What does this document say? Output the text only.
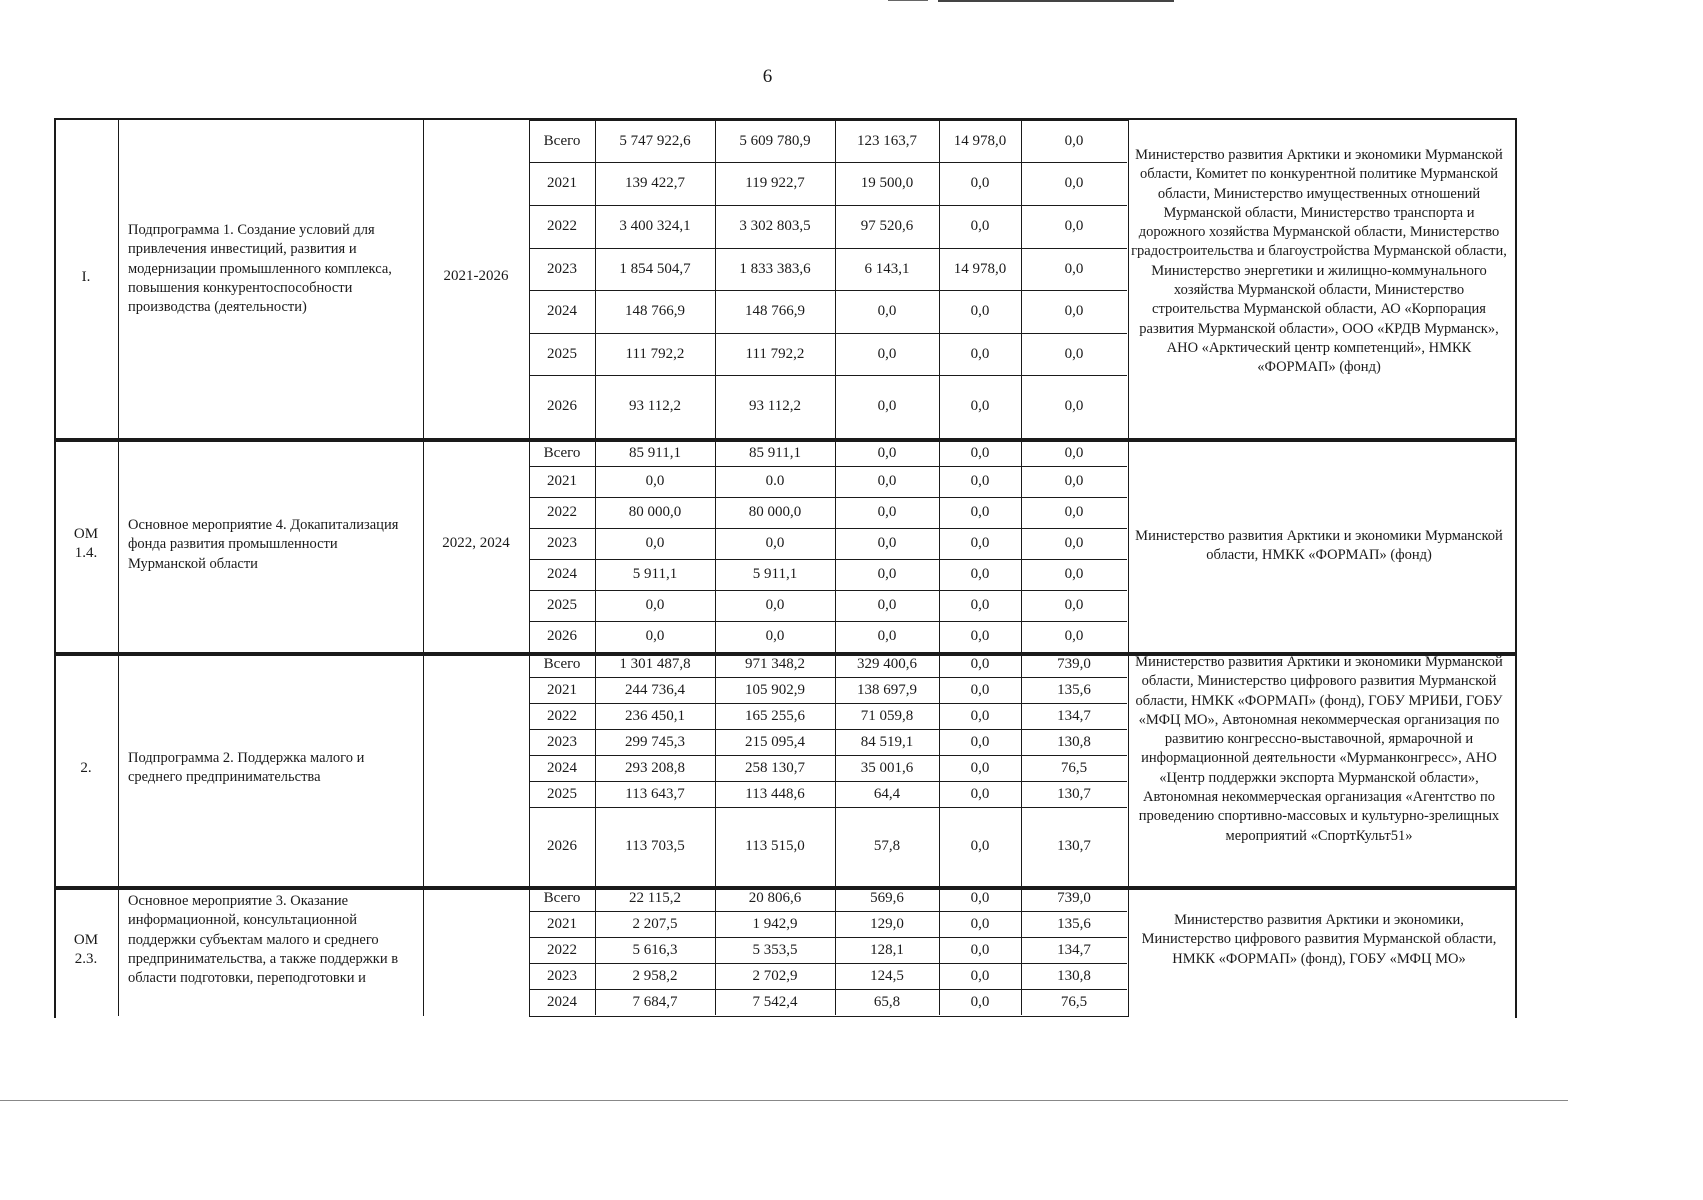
6
Всего	5 747 922,6	5 609 780,9	123 163,7	14 978,0	0,0
2021	139 422,7	119 922,7	19 500,0	0,0	0,0
2022	3 400 324,1	3 302 803,5	97 520,6	0,0	0,0
2023	1 854 504,7	1 833 383,6	6 143,1	14 978,0	0,0
2024	148 766,9	148 766,9	0,0	0,0	0,0
2025	111 792,2	111 792,2	0,0	0,0	0,0
2026	93 112,2	93 112,2	0,0	0,0	0,0
I.
Подпрограмма 1. Создание условий для привлечения инвестиций, развития и модернизации промышленного комплекса, повышения конкурентоспособности производства (деятельности)
2021-2026
Министерство развития Арктики и экономики Мурманской области, Комитет по конкурентной политике Мурманской области, Министерство имущественных отношений Мурманской области, Министерство транспорта и дорожного хозяйства Мурманской области, Министерство градостроительства и благоустройства Мурманской области, Министерство энергетики и жилищно-коммунального хозяйства Мурманской области, Министерство строительства Мурманской области, АО «Корпорация развития Мурманской области», ООО «КРДВ Мурманск», АНО «Арктический центр компетенций», НМКК «ФОРМАП» (фонд)
Всего	85 911,1	85 911,1	0,0	0,0	0,0
2021	0,0	0.0	0,0	0,0	0,0
2022	80 000,0	80 000,0	0,0	0,0	0,0
2023	0,0	0,0	0,0	0,0	0,0
2024	5 911,1	5 911,1	0,0	0,0	0,0
2025	0,0	0,0	0,0	0,0	0,0
2026	0,0	0,0	0,0	0,0	0,0
ОМ 1.4.
Основное мероприятие 4. Докапитализация фонда развития промышленности Мурманской области
2022, 2024	Министерство развития Арктики и экономики Мурманской области, НМКК «ФОРМАП» (фонд)
Всего	1 301 487,8	971 348,2	329 400,6	0,0	739,0
2021	244 736,4	105 902,9	138 697,9	0,0	135,6
2022	236 450,1	165 255,6	71 059,8	0,0	134,7
2023	299 745,3	215 095,4	84 519,1	0,0	130,8
2024	293 208,8	258 130,7	35 001,6	0,0	76,5
2025	113 643,7	113 448,6	64,4	0,0	130,7
2026	113 703,5	113 515,0	57,8	0,0	130,7
2.
Подпрограмма 2. Поддержка малого и среднего предпринимательства
Министерство развития Арктики и экономики Мурманской области, Министерство цифрового развития Мурманской области, НМКК «ФОРМАП» (фонд), ГОБУ МРИБИ, ГОБУ «МФЦ МО», Автономная некоммерческая организация по развитию конгрессно-выставочной, ярмарочной и информационной деятельности «Мурманконгресс», АНО «Центр поддержки экспорта Мурманской области», Автономная некоммерческая организация «Агентство по проведению спортивно-массовых и культурно-зрелищных мероприятий «СпортКульт51»
Всего	22 115,2	20 806,6	569,6	0,0	739,0
2021	2 207,5	1 942,9	129,0	0,0	135,6
2022	5 616,3	5 353,5	128,1	0,0	134,7
2023	2 958,2	2 702,9	124,5	0,0	130,8
2024	7 684,7	7 542,4	65,8	0,0	76,5
ОМ 2.3.
Основное мероприятие 3. Оказание информационной, консультационной поддержки субъектам малого и среднего предпринимательства, а также поддержки в области подготовки, переподготовки и
Министерство развития Арктики и экономики, Министерство цифрового развития Мурманской области, НМКК «ФОРМАП» (фонд), ГОБУ «МФЦ МО»
